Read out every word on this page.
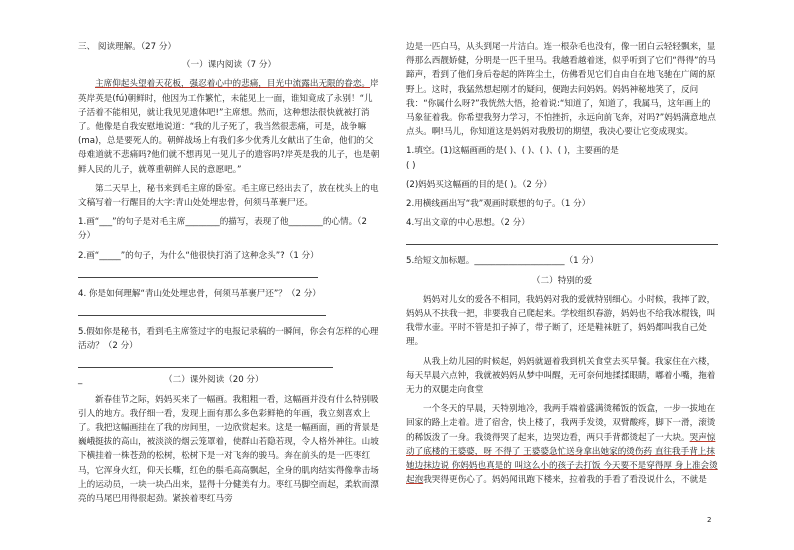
三、 阅读理解。（27 分）

（一）课内阅读（7 分）

主席仰起头望着天花板，强忍着心中的悲痛，目光中流露出无限的眷恋。岸英岸英是(fú)朝鲜时，他因为工作繁忙，未能见上一面，谁知竟成了永别！“儿子活着不能相见，就让我见见遗体吧!”主席想。然而，这种想法很快就被打消了。他像是自我安慰地说道：“我的儿子死了，我当然很悲痛，可是，战争嘛(ma)，总是要死人的。朝鲜战场上有我们多少优秀儿女献出了生命，他们的父母难道就不悲痛吗?他们就不想再见一见儿子的遗容吗?岸英是我的儿子，也是朝鲜人民的儿子，就尊重朝鲜人民的意愿吧。”

第二天早上，秘书来到毛主席的卧室。毛主席已经出去了，放在枕头上的电文稿写着一行醒目的大字:青山处处埋忠骨，何须马革裹尸还。

1.画“___”的句子是对毛主席________的描写，表现了他________的心情。（2 分）

2.画“_____”的句子，为什么“他很快打消了这种念头”?（1 分）

4. 你是如何理解“青山处处埋忠骨，何须马革裹尸还”？（2 分）

5.假如你是秘书，看到毛主席签过字的电报记录稿的一瞬间，你会有怎样的心理活动？（2 分）

_	（二）课外阅读（20 分）

新春佳节之际，妈妈买来了一幅画。我粗粗一看，这幅画并没有什么特别吸引人的地方。我仔细一看，发现上面有那么多色彩鲜艳的年画，我立刻喜欢上了。我把这幅画挂在了我的房间里，一边欣赏起来。这是一幅画面，画的背景是巍峨挺拔的高山，被淡淡的烟云笼罩着，使群山若隐若现，令人格外神往。山坡下横挂着一株苍劲的松树，松树下是一对飞奔的骏马。奔在前头的是一匹枣红马，它浑身火红，仰天长嘶，红色的鬃毛高高飘起，全身的肌肉结实得像拳击场上的运动员，一块一块凸出来，显得十分健美有力。枣红马脚空而起，柔软而漂亮的马尾巴用得很起劲。紧挨着枣红马旁

边是一匹白马，从头到尾一片洁白。连一根杂毛也没有，像一团白云轻轻飘来，显得那么西靓娇健，分明是一匹千里马。我越看越着迷，似乎听到了它们“得得”的马蹄声，看到了他们身后卷起的阵阵尘土，仿佛看见它们自由自在地飞驰在广阔的原野上。这时，我猛然想起刚才的疑问，便跑去问妈妈。妈妈神秘地笑了，反问我：“你属什么呀?”我恍然大悟，抢着说:“知道了，知道了，我属马，这年画上的马象征着我。你希望我努力学习，不怕挫折，永远向前飞奔，对吗?”妈妈满意地点点头。啊!马儿，你知道这是妈妈对我殷切的期望，我决心要让它变成现实。

1.填空。(1)这幅画画的是( )、( )、( )、( )，主要画的是

( )

(2)妈妈买这幅画的目的是( )。（2 分）

2.用横线画出写“我”观画时联想的句子。（1 分）

4.写出文章的中心思想。（2 分）

5.给短文加标题。_____________________（1 分）

（二）特别的爱

妈妈对儿女的爱各不相同，我妈妈对我的爱就特别细心。小时候，我摔了跤，妈妈从不扶我一把，非要我自己爬起来。学校组织春游，妈妈也不给我冰棍钱，叫我带水壶。平时不管是扣子掉了，带子断了，还是鞋袜脏了，妈妈都叫我自己处理。

从我上幼儿园的时候起，妈妈就逼着我到机关食堂去买早餐。我家住在六楼，每天早晨六点钟，我就被妈妈从梦中叫醒，无可奈何地揉揉眼睛，嘟着小嘴，拖着无力的双腿走向食堂

一个冬天的早晨，天特别地冷，我两手端着盛满烫稀饭的饭盒，一步一拔地在回家的路上走着。进了宿舍，快上楼了，我两手发烫，双臂酸疼，脚下一滑，滚烫的稀饭泼了一身。我烫得哭了起来，边哭边看，两只手背都烫起了一大块。哭声惊动了底楼的王婆婆，呀 不得了 王婆婆急忙送身拿出她家的烫伤药 直往我手背上抹她边抹边说 你妈妈也真是的 叫这么小的孩子去打饭 今天要不是穿得厚 身上准会烫起泡我哭得更伤心了。妈妈闻讯跑下楼来，拉着我的手看了看没说什么，不就是

2
